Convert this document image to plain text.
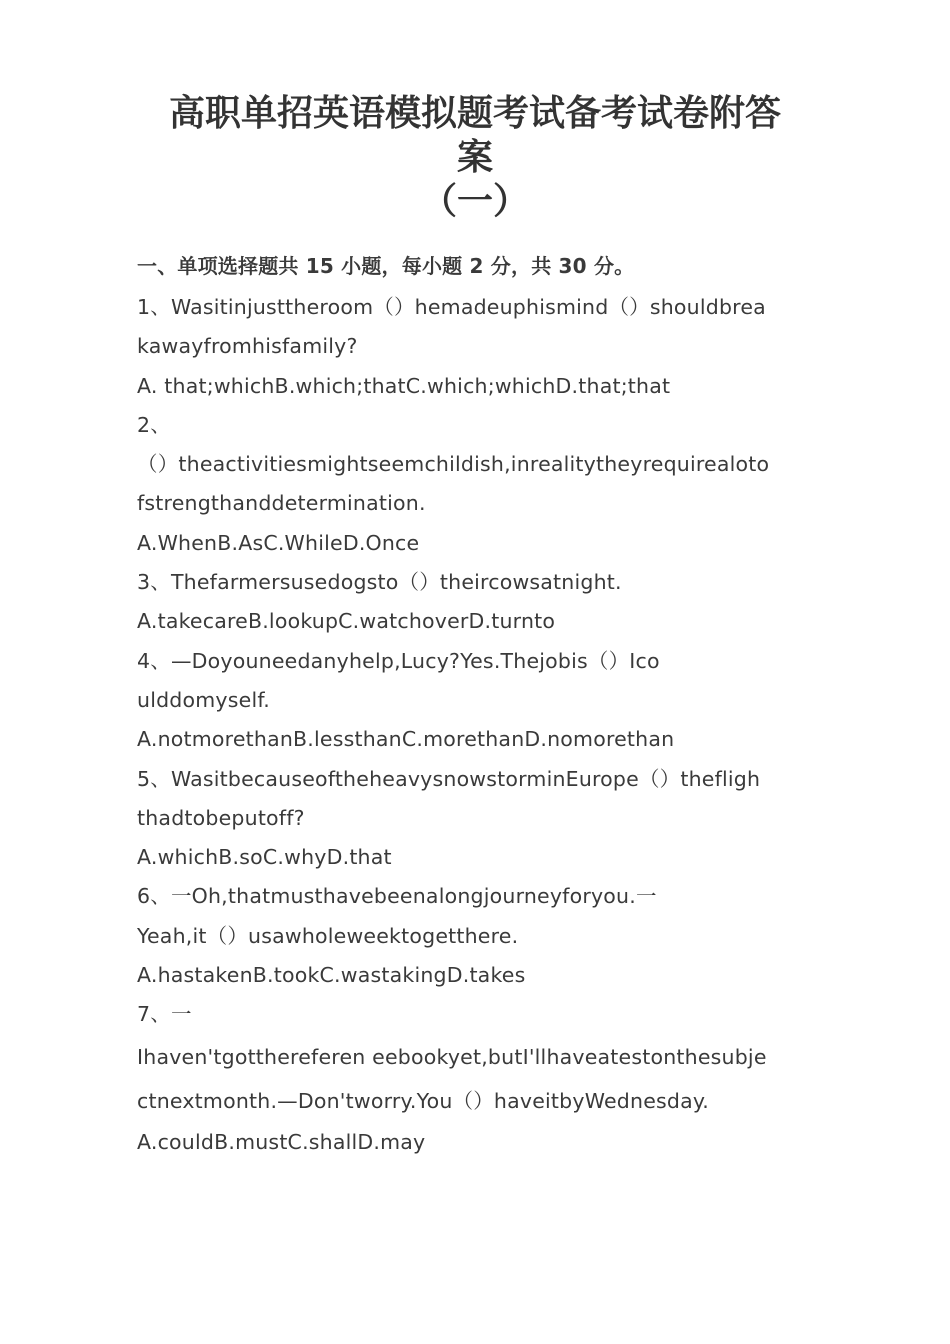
高职单招英语模拟题考试备考试卷附答
案
（一）
一、单项选择题共 15 小题，每小题 2 分，共 30 分。
1、Wasitinjusttheroom（）hemadeuphismind（）shouldbrea
kawayfromhisfamily?
A. that;whichB.which;thatC.which;whichD.that;that
2、
（）theactivitiesmightseemchildish,inrealitytheyrequirealoto
fstrengthanddetermination.
A.WhenB.AsC.WhileD.Once
3、Thefarmersusedogsto（）theircowsatnight.
A.takecareB.lookupC.watchoverD.turnto
4、—Doyouneedanyhelp,Lucy?Yes.Thejobis（）Ico
ulddomyself.
A.notmorethanB.lessthanC.morethanD.nomorethan
5、WasitbecauseoftheheavysnowstorminEurope（）thefligh
thadtobeputoff?
A.whichB.soC.whyD.that
6、一Oh,thatmusthavebeenalongjourneyforyou.一
Yeah,it（）usawholeweektogetthere.
A.hastakenB.tookC.wastakingD.takes
7、一
Ihaven'tgotthereferen eebookyet,butI'llhaveatestonthesubje
ctnextmonth.—Don'tworry.You（）haveitbyWednesday.
A.couldB.mustC.shallD.may
